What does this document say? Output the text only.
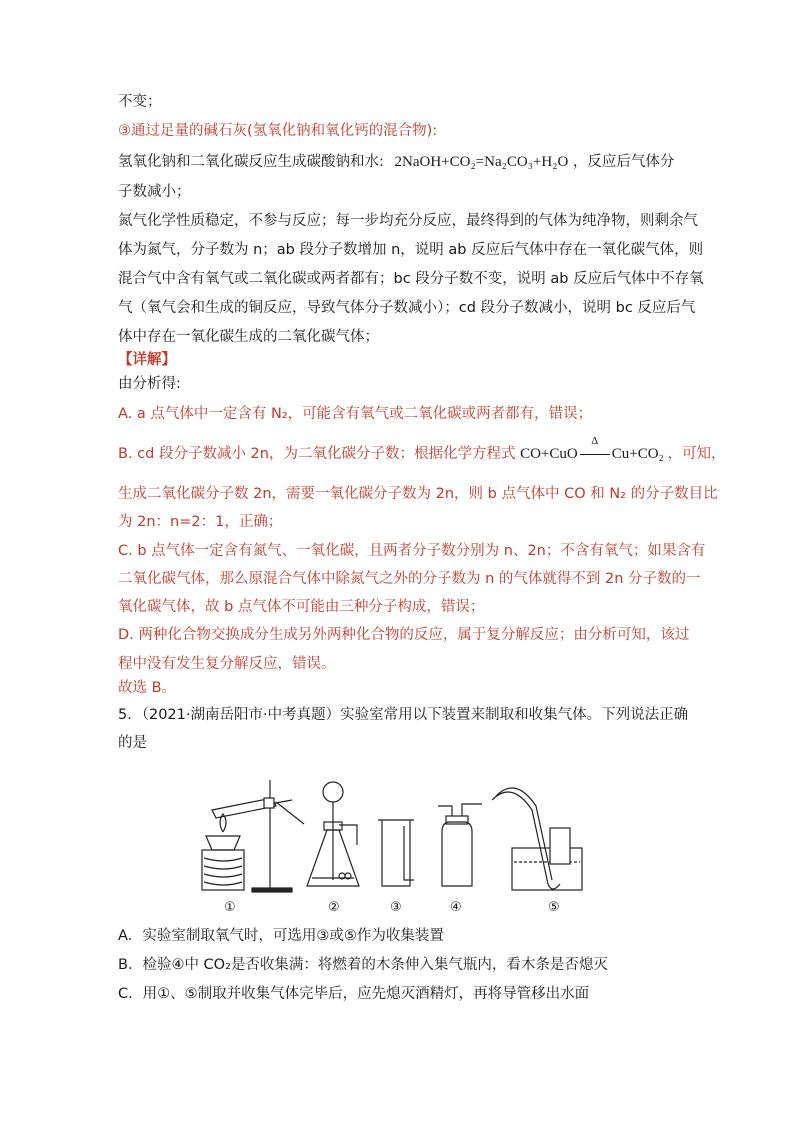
不变；
③通过足量的碱石灰(氢氧化钠和氧化钙的混合物):
氢氧化钠和二氧化碳反应生成碳酸钠和水: 2NaOH+CO₂=Na₂CO₃+H₂O ，反应后气体分
子数减小；
氮气化学性质稳定，不参与反应；每一步均充分反应，最终得到的气体为纯净物，则剩余气
体为氮气，分子数为 n；ab 段分子数增加 n，说明 ab 反应后气体中存在一氧化碳气体，则
混合气中含有氧气或二氧化碳或两者都有；bc 段分子数不变，说明 ab 反应后气体中不存氧
气（氧气会和生成的铜反应，导致气体分子数减小）；cd 段分子数减小，说明 bc 反应后气
体中存在一氧化碳生成的二氧化碳气体；
【详解】
由分析得:
A. a 点气体中一定含有 N₂，可能含有氧气或二氧化碳或两者都有，错误；
B. cd 段分子数减小 2n，为二氧化碳分子数；根据化学方程式 CO+CuO
Δ
Cu+CO₂ ，可知，
生成二氧化碳分子数 2n，需要一氧化碳分子数为 2n，则 b 点气体中 CO 和 N₂ 的分子数目比
为 2n：n=2：1，正确；
C. b 点气体一定含有氮气、一氧化碳，且两者分子数分别为 n、2n；不含有氧气；如果含有
二氧化碳气体，那么原混合气体中除氮气之外的分子数为 n 的气体就得不到 2n 分子数的一
氧化碳气体，故 b 点气体不可能由三种分子构成，错误；
D. 两种化合物交换成分生成另外两种化合物的反应，属于复分解反应；由分析可知，该过
程中没有发生复分解反应，错误。
故选 B。
5．（2021·湖南岳阳市·中考真题）实验室常用以下装置来制取和收集气体。下列说法正确
的是
①	②	③	④	⑤
A．实验室制取氧气时，可选用③或⑤作为收集装置
B．检验④中 CO₂是否收集满：将燃着的木条伸入集气瓶内，看木条是否熄灭
C．用①、⑤制取并收集气体完毕后，应先熄灭酒精灯，再将导管移出水面
